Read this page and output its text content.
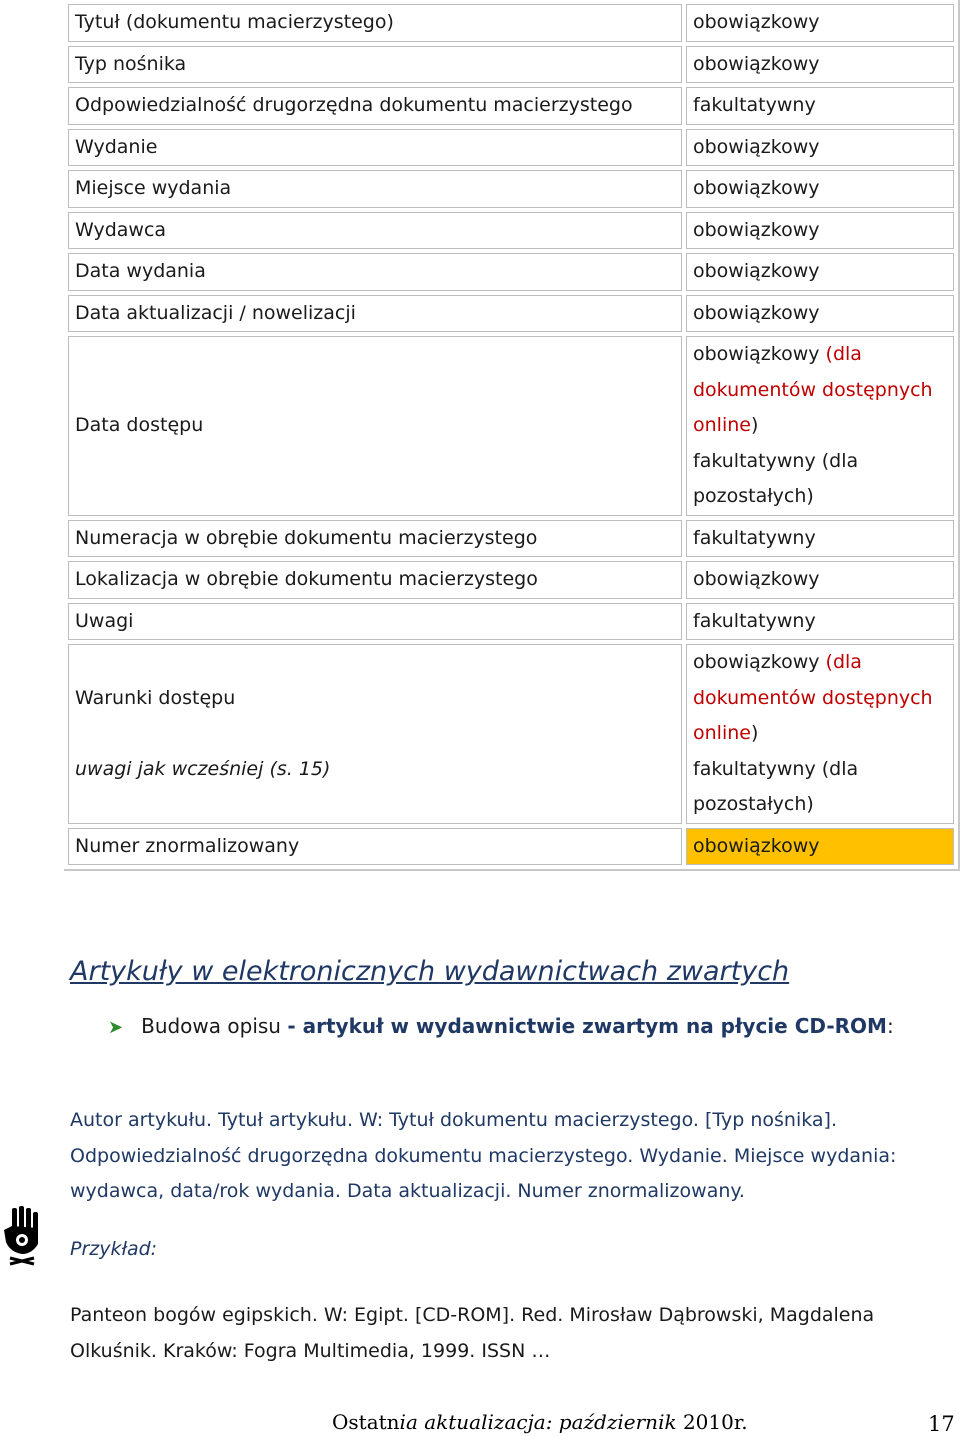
Tytuł (dokumentu macierzystego)	obowiązkowy
Typ nośnika	obowiązkowy
Odpowiedzialność drugorzędna dokumentu macierzystego	fakultatywny
Wydanie	obowiązkowy
Miejsce wydania	obowiązkowy
Wydawca	obowiązkowy
Data wydania	obowiązkowy
Data aktualizacji / nowelizacji	obowiązkowy
Data dostępu	obowiązkowy (dla
dokumentów dostępnych
online)
fakultatywny (dla
pozostałych)
Numeracja w obrębie dokumentu macierzystego	fakultatywny
Lokalizacja w obrębie dokumentu macierzystego	obowiązkowy
Uwagi	fakultatywny
Warunki dostępu

uwagi jak wcześniej (s. 15)	obowiązkowy (dla
dokumentów dostępnych
online)
fakultatywny (dla
pozostałych)
Numer znormalizowany	obowiązkowy
Artykuły w elektronicznych wydawnictwach zwartych
➤ Budowa opisu - artykuł w wydawnictwie zwartym na płycie CD-ROM:
Autor artykułu. Tytuł artykułu. W: Tytuł dokumentu macierzystego. [Typ nośnika]. Odpowiedzialność drugorzędna dokumentu macierzystego. Wydanie. Miejsce wydania: wydawca, data/rok wydania. Data aktualizacji. Numer znormalizowany.
Przykład:
Panteon bogów egipskich. W: Egipt. [CD-ROM]. Red. Mirosław Dąbrowski, Magdalena Olkuśnik. Kraków: Fogra Multimedia, 1999. ISSN …
Ostatnia aktualizacja: październik 2010r.	17
